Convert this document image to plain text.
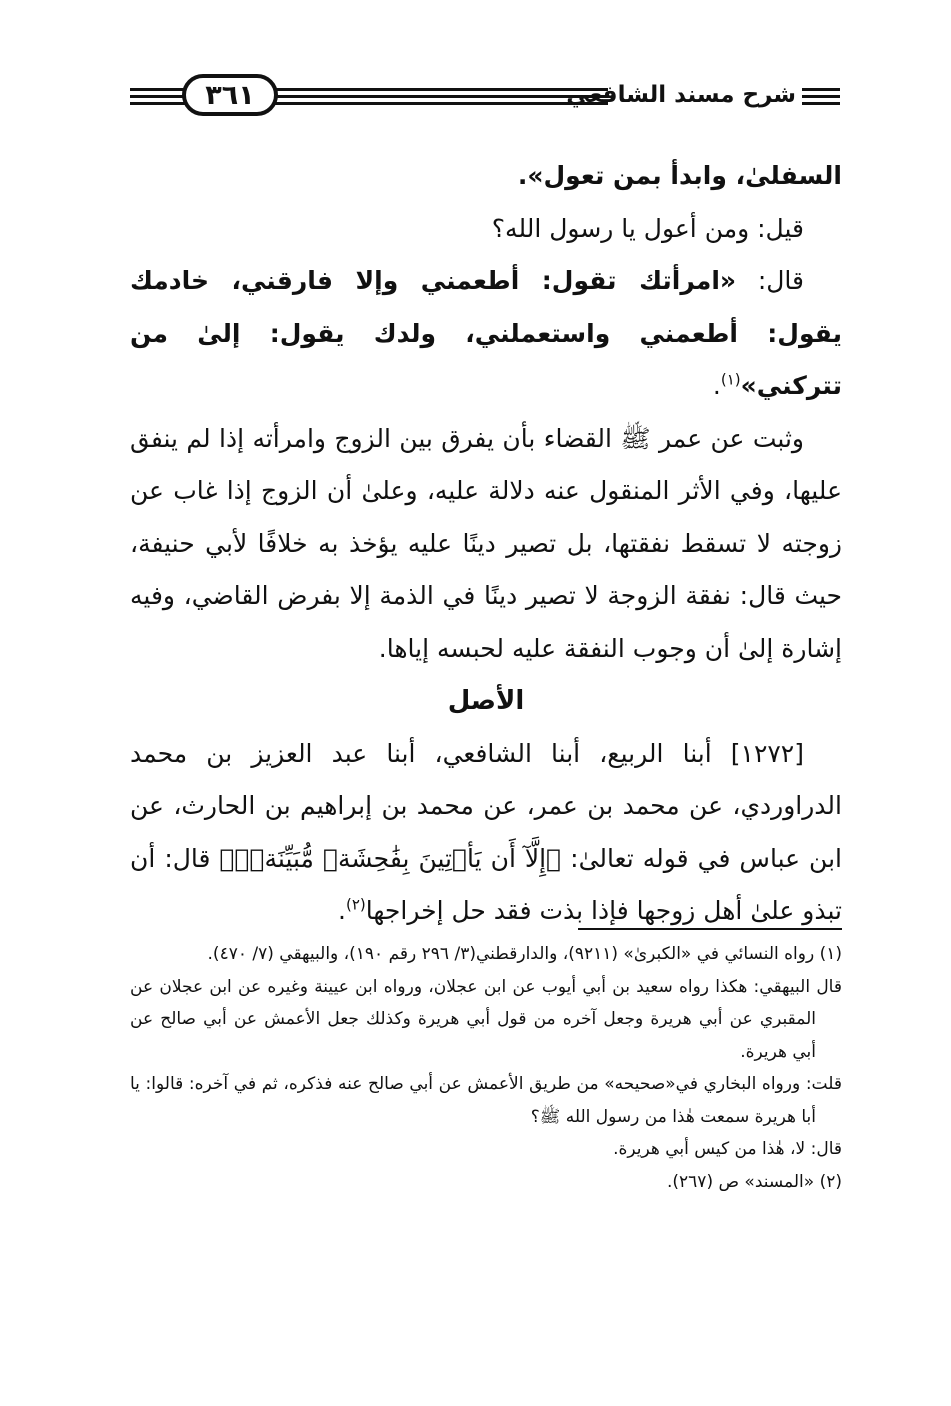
٣٦١	شرح مسند الشافعي

السفلىٰ، وابدأ بمن تعول».

قيل: ومن أعول يا رسول الله؟

قال: «امرأتك تقول: أطعمني وإلا فارقني، خادمك يقول: أطعمني واستعملني، ولدك يقول: إلىٰ من تتركني»$^{(١)}$.

وثبت عن عمر ﷺ القضاء بأن يفرق بين الزوج وامرأته إذا لم ينفق عليها، وفي الأثر المنقول عنه دلالة عليه، وعلىٰ أن الزوج إذا غاب عن زوجته لا تسقط نفقتها، بل تصير دينًا عليه يؤخذ به خلافًا لأبي حنيفة، حيث قال: نفقة الزوجة لا تصير دينًا في الذمة إلا بفرض القاضي، وفيه إشارة إلىٰ أن وجوب النفقة عليه لحبسه إياها.

الأصل

[١٢٧٢] أبنا الربيع، أبنا الشافعي، أبنا عبد العزيز بن محمد الدراوردي، عن محمد بن عمر، عن محمد بن إبراهيم بن الحارث، عن ابن عباس في قوله تعالىٰ: ﴿إِلَّآ أَن يَأۡتِينَ بِفَٰحِشَةٖ مُّبَيِّنَةٖۚ﴾ قال: أن تبذو علىٰ أهل زوجها فإذا بذت فقد حل إخراجها$^{(٢)}$.

(١) رواه النسائي في «الكبرىٰ» (٩٢١١)، والدارقطني(٣/ ٢٩٦ رقم ١٩٠)، والبيهقي (٧/ ٤٧٠).

قال البيهقي: هكذا رواه سعيد بن أبي أيوب عن ابن عجلان، ورواه ابن عيينة وغيره عن ابن عجلان عن المقبري عن أبي هريرة وجعل آخره من قول أبي هريرة وكذلك جعل الأعمش عن أبي صالح عن أبي هريرة.

قلت: ورواه البخاري في«صحيحه» من طريق الأعمش عن أبي صالح عنه فذكره، ثم في آخره: قالوا: يا أبا هريرة سمعت هٰذا من رسول الله ﷺ؟

قال: لا، هٰذا من كيس أبي هريرة.

(٢) «المسند» ص (٢٦٧).
